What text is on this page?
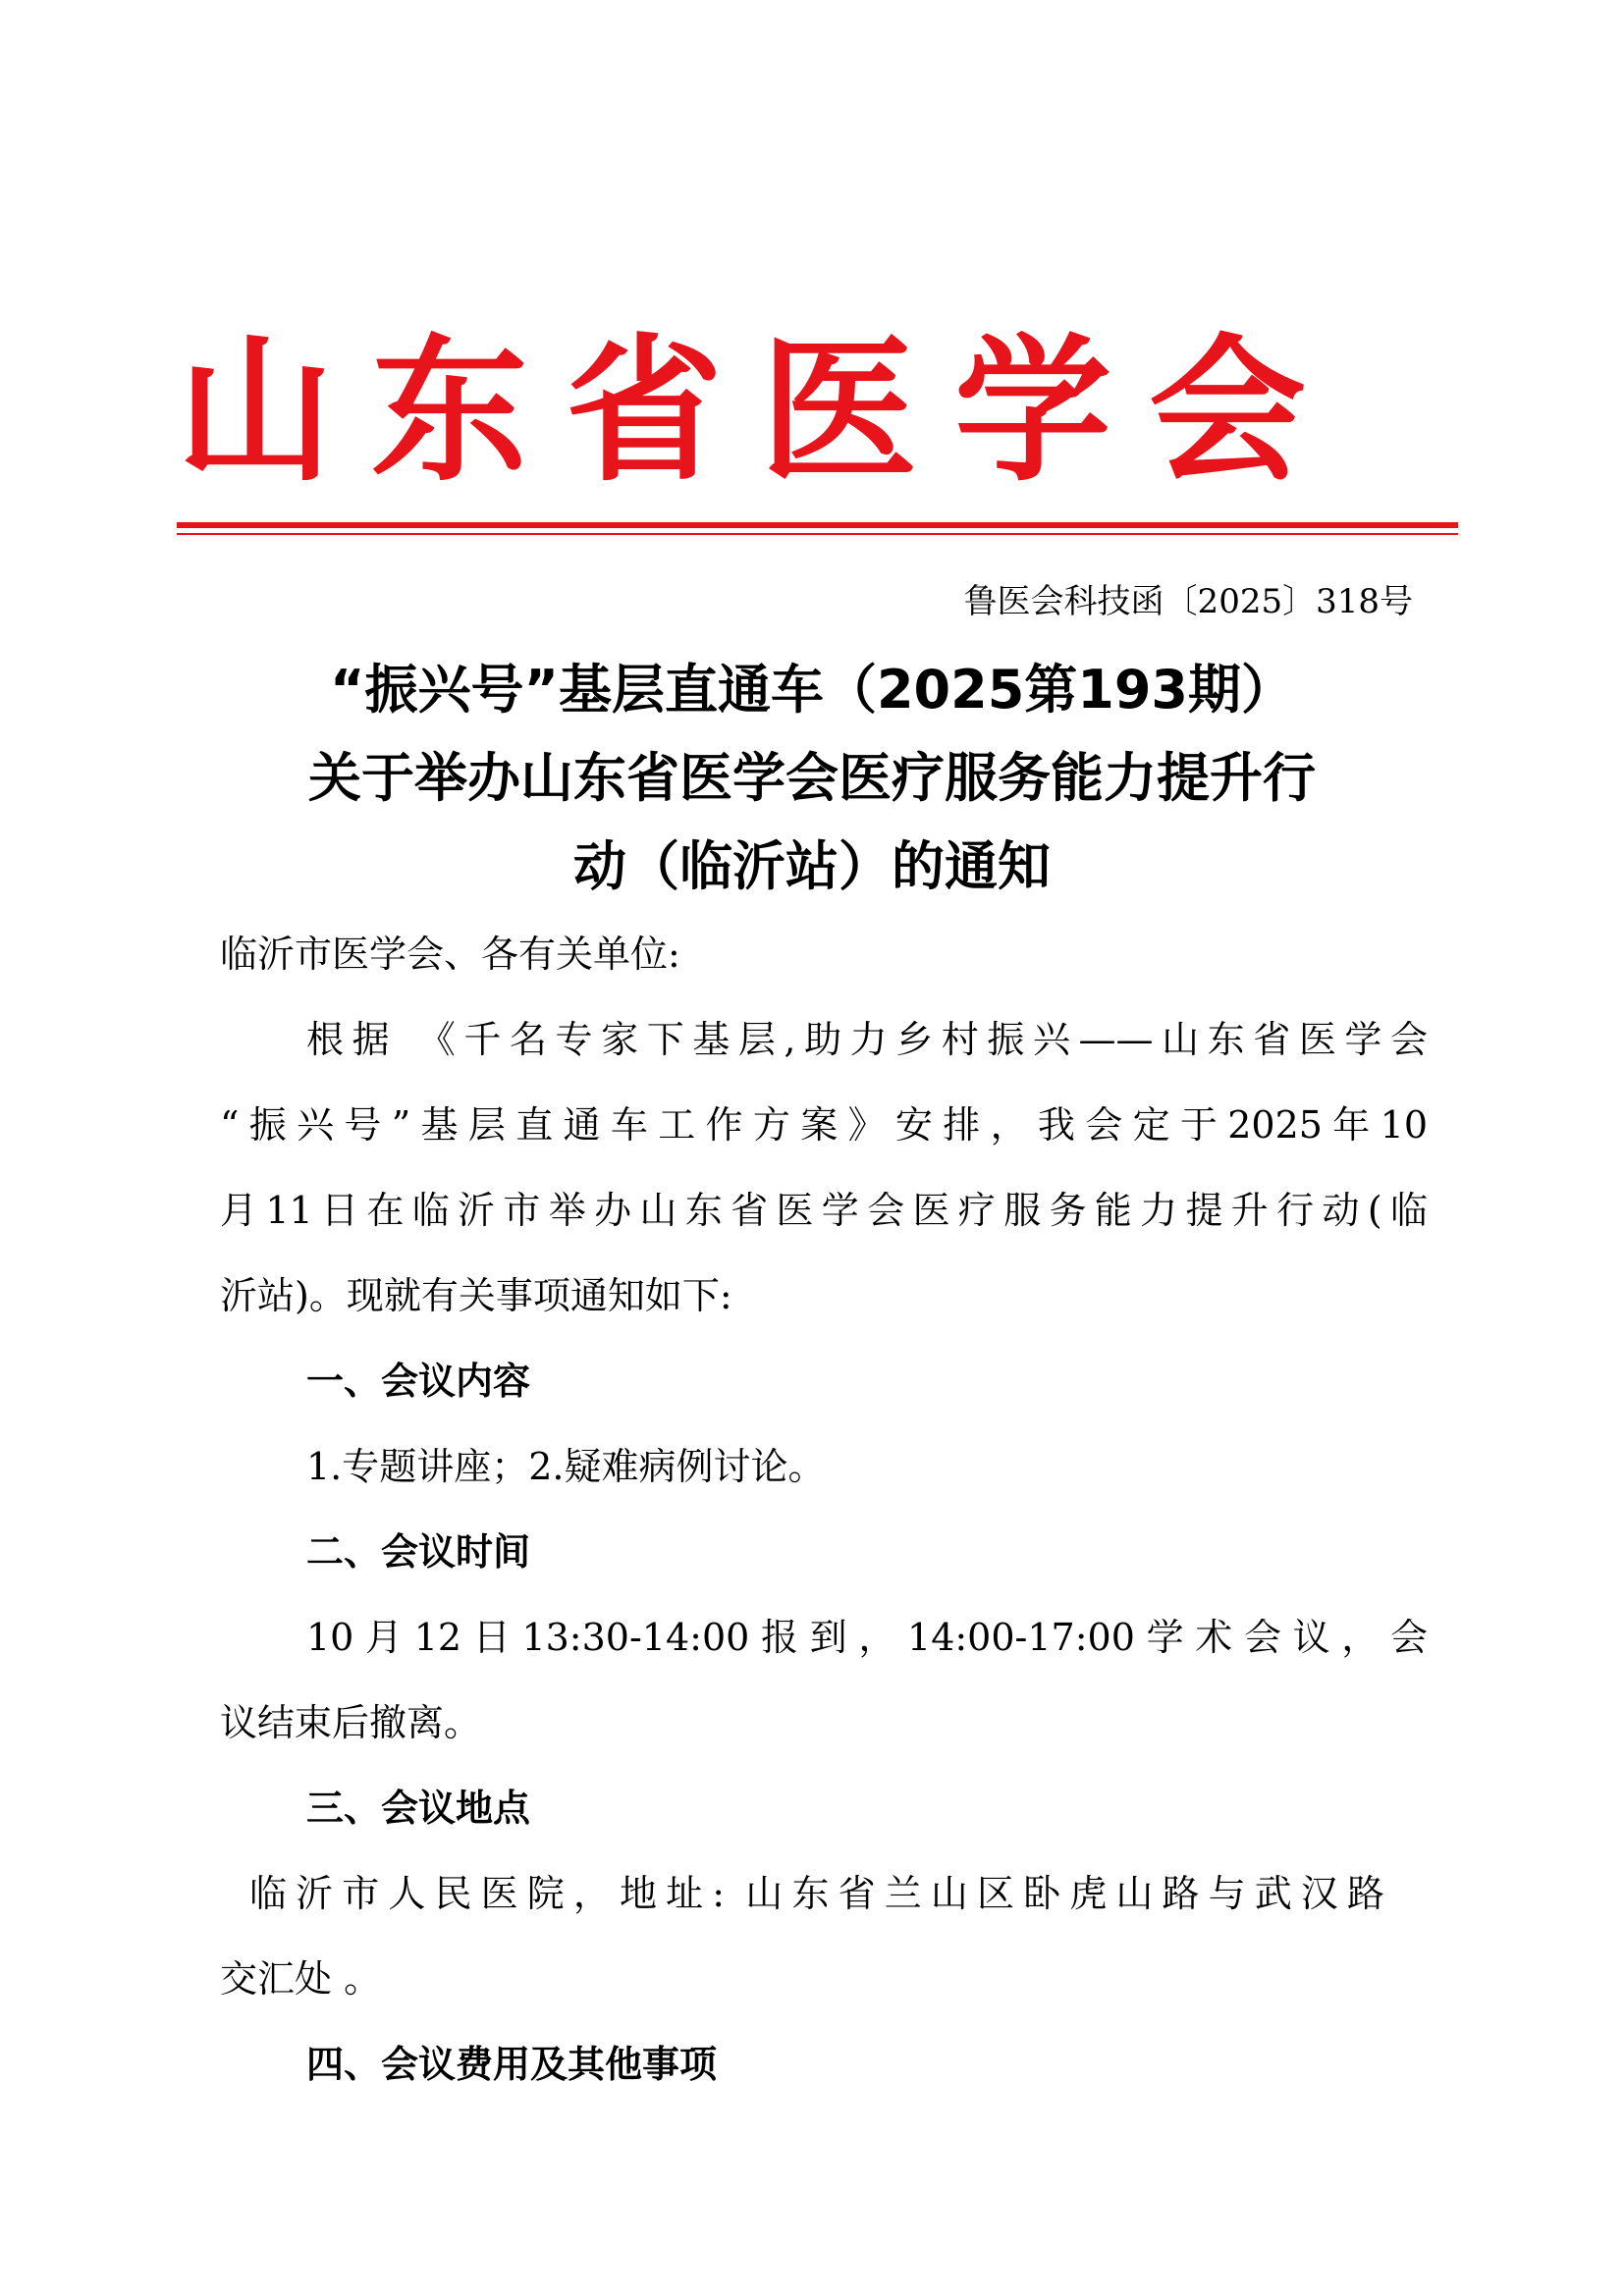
山东省医学会
鲁医会科技函〔2025〕318号
“振兴号”基层直通车（2025第193期）
关于举办山东省医学会医疗服务能力提升行
动（临沂站）的通知
临沂市医学会、各有关单位:
根据 《千名专家下基层,助力乡村振兴——山东省医学会
“振兴号”基层直通车工作方案》安排，我会定于2025年10
月11日在临沂市举办山东省医学会医疗服务能力提升行动(临
沂站)。现就有关事项通知如下:
一、会议内容
1.专题讲座；2.疑难病例讨论。
二、会议时间
10月12日13:30-14:00报到，14:00-17:00学术会议，会
议结束后撤离。
三、会议地点
临沂市人民医院，地址: 山东省兰山区卧虎山路与武汉路
交汇处 。
四、会议费用及其他事项
